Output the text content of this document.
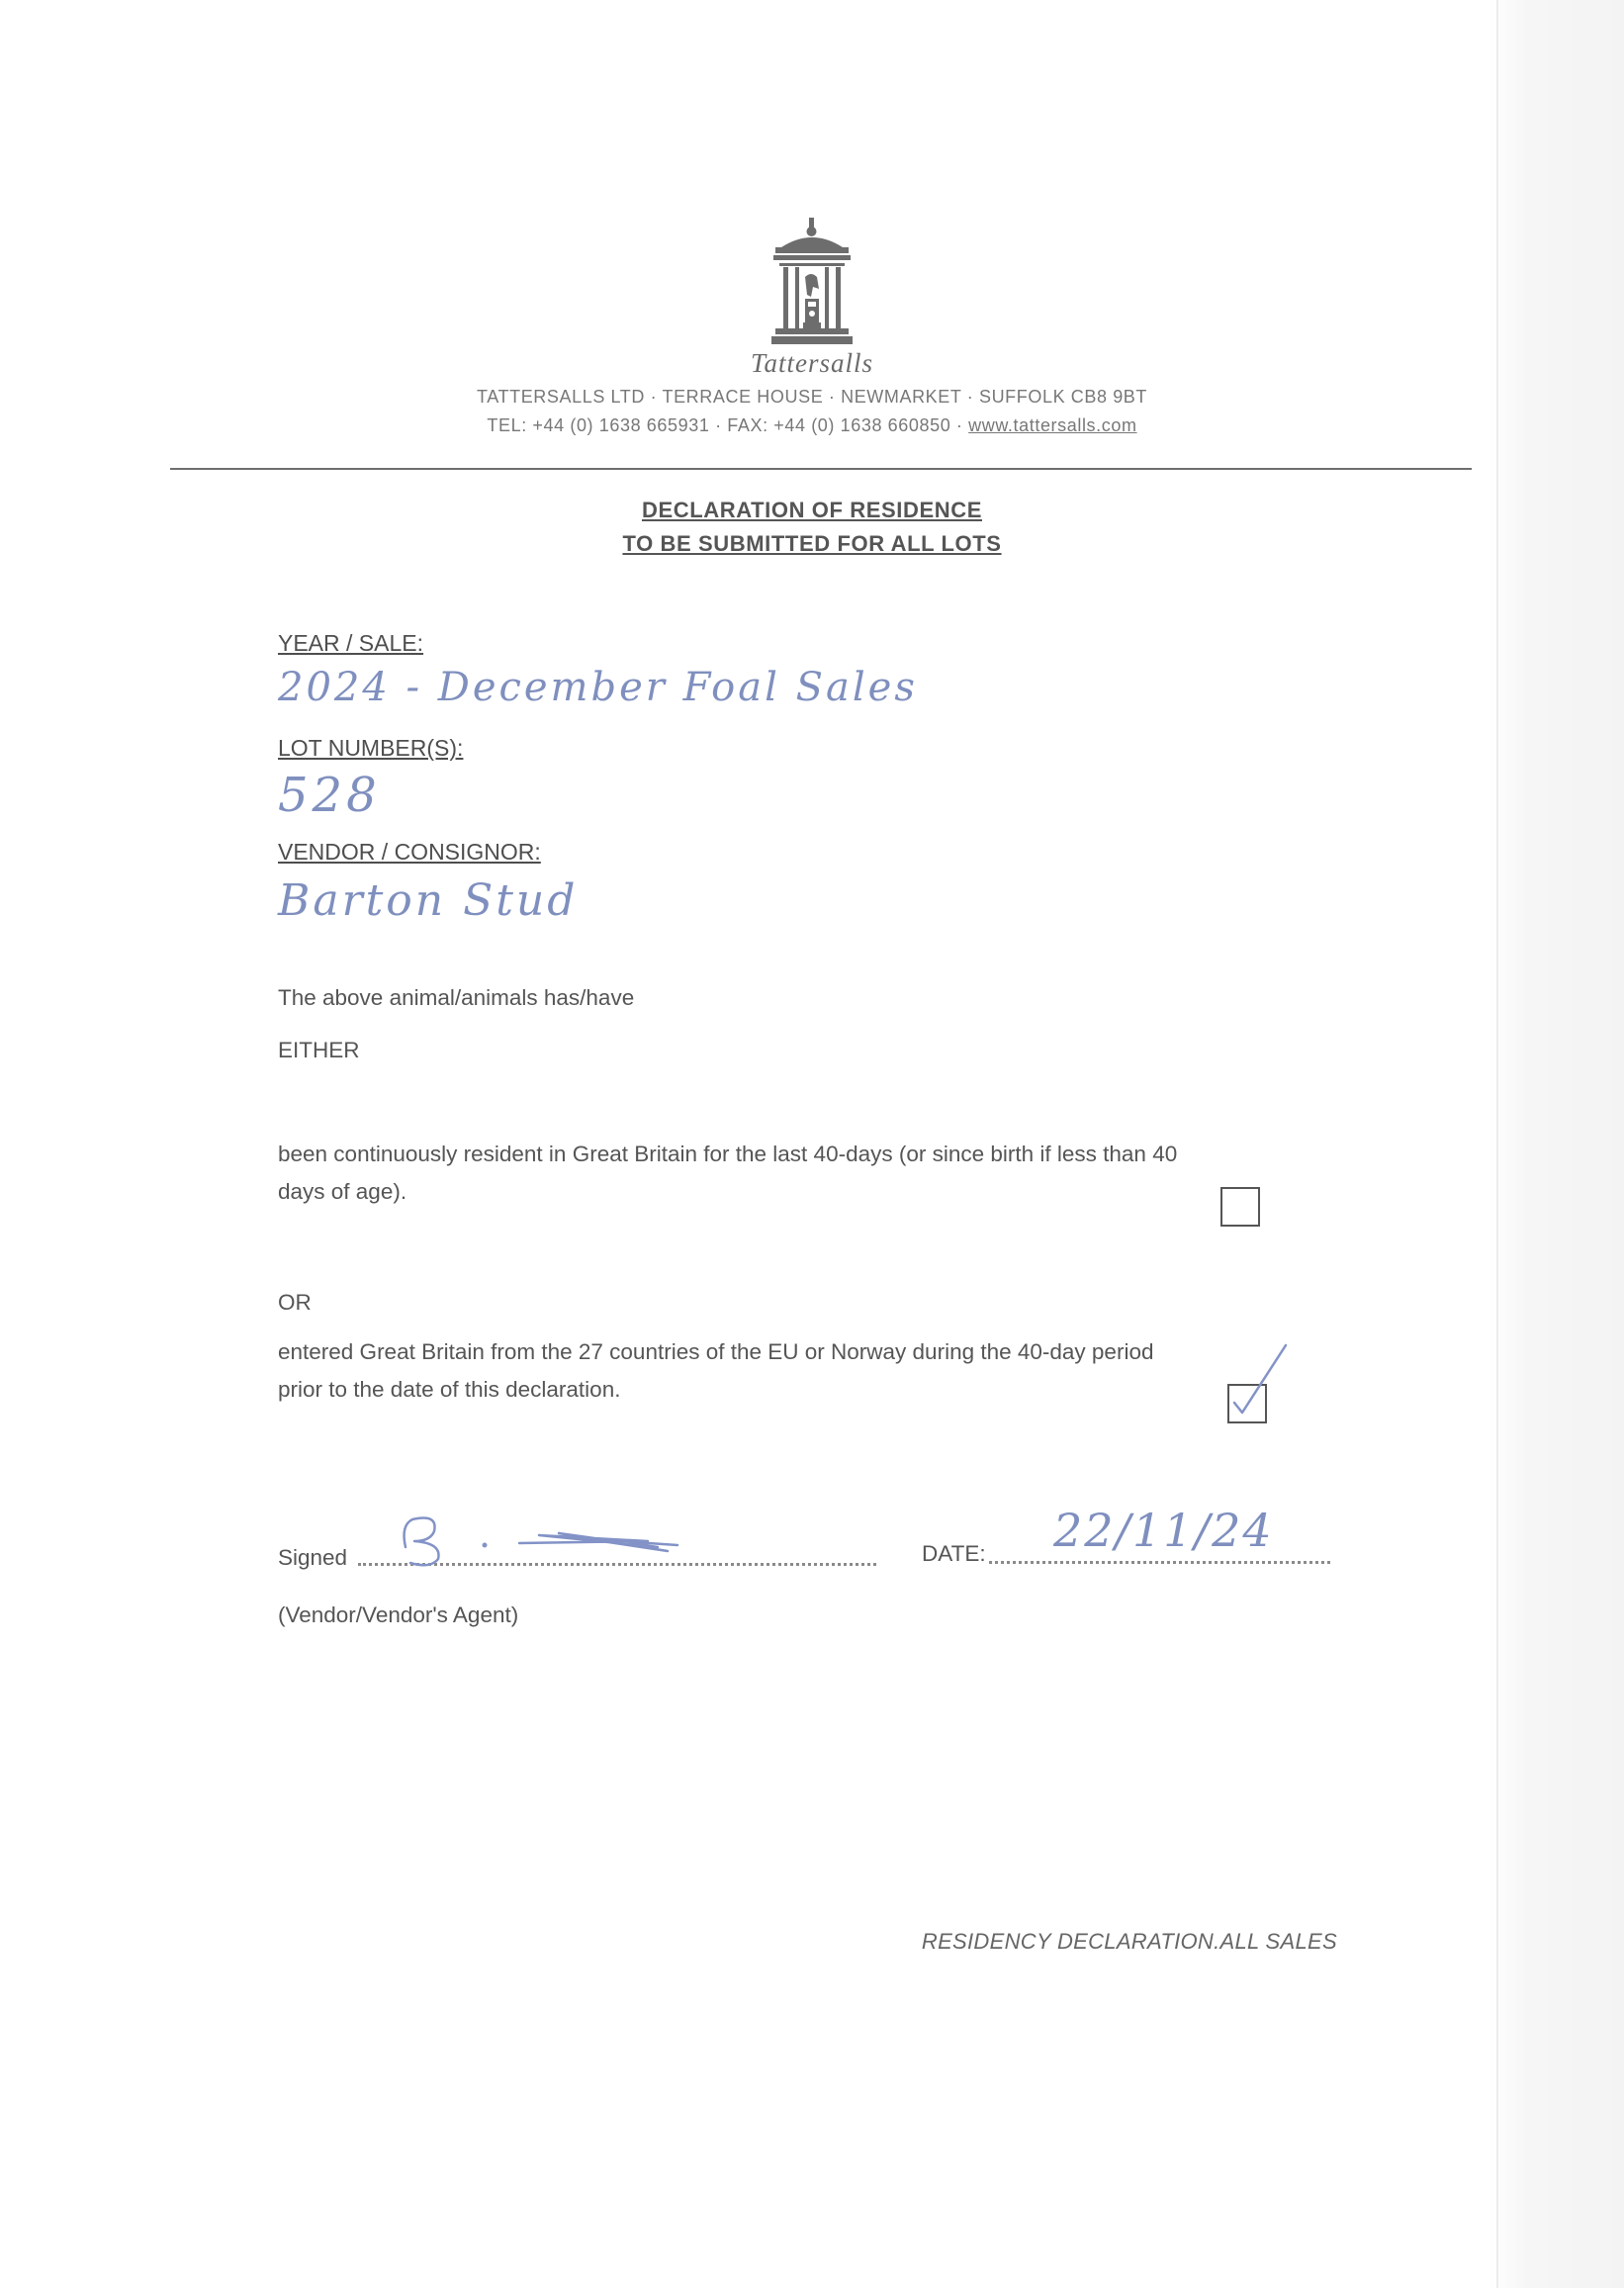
Tattersalls
TATTERSALLS LTD · TERRACE HOUSE · NEWMARKET · SUFFOLK CB8 9BT
TEL: +44 (0) 1638 665931 · FAX: +44 (0) 1638 660850 · www.tattersalls.com
DECLARATION OF RESIDENCE
TO BE SUBMITTED FOR ALL LOTS
YEAR / SALE:
2024 - December Foal Sales
LOT NUMBER(S):
528
VENDOR / CONSIGNOR:
Barton Stud
The above animal/animals has/have
EITHER
been continuously resident in Great Britain for the last 40-days (or since birth if less than 40
days of age).
OR
entered Great Britain from the 27 countries of the EU or Norway during the 40-day period
prior to the date of this declaration.
Signed	DATE: 22/11/24
(Vendor/Vendor's Agent)
RESIDENCY DECLARATION.ALL SALES
